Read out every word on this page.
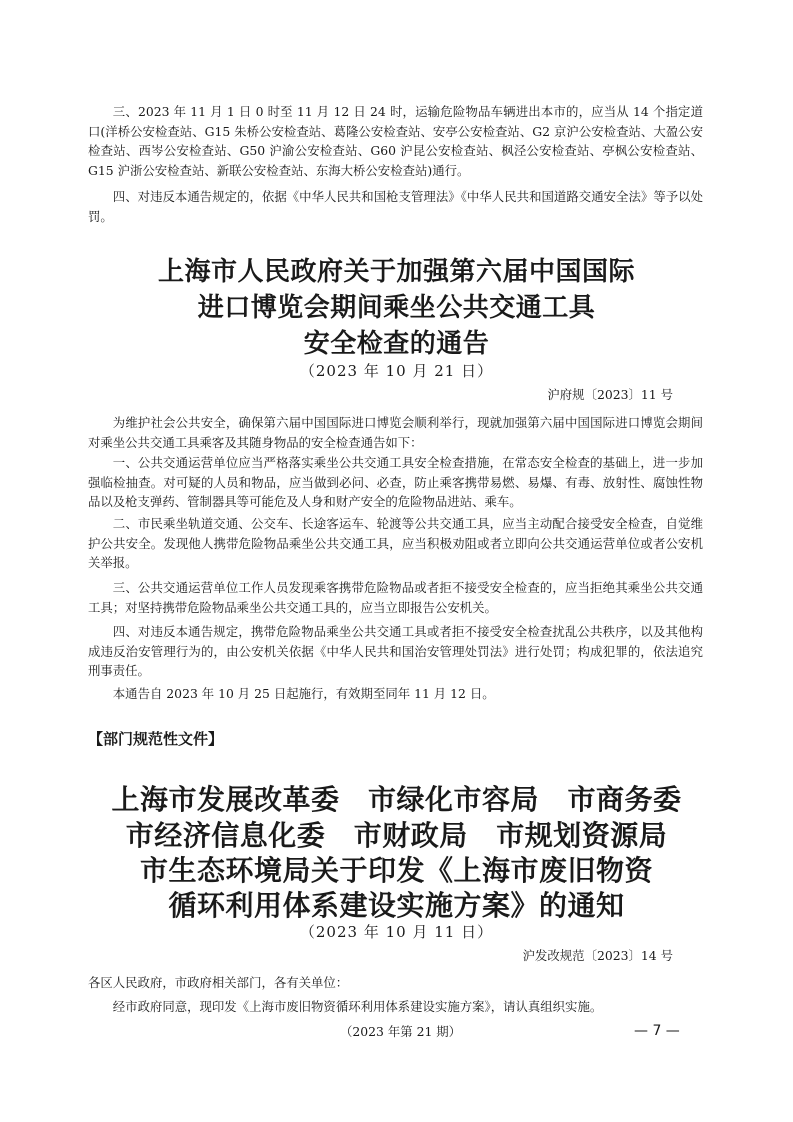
三、2023 年 11 月 1 日 0 时至 11 月 12 日 24 时，运输危险物品车辆进出本市的，应当从 14 个指定道口(洋桥公安检查站、G15 朱桥公安检查站、葛隆公安检查站、安亭公安检查站、G2 京沪公安检查站、大盈公安检查站、西岑公安检查站、G50 沪渝公安检查站、G60 沪昆公安检查站、枫泾公安检查站、亭枫公安检查站、G15 沪浙公安检查站、新联公安检查站、东海大桥公安检查站)通行。

四、对违反本通告规定的，依据《中华人民共和国枪支管理法》《中华人民共和国道路交通安全法》等予以处罚。

上海市人民政府关于加强第六届中国国际
进口博览会期间乘坐公共交通工具
安全检查的通告

（2023 年 10 月 21 日）

沪府规〔2023〕11 号

为维护社会公共安全，确保第六届中国国际进口博览会顺利举行，现就加强第六届中国国际进口博览会期间对乘坐公共交通工具乘客及其随身物品的安全检查通告如下：

一、公共交通运营单位应当严格落实乘坐公共交通工具安全检查措施，在常态安全检查的基础上，进一步加强临检抽查。对可疑的人员和物品，应当做到必问、必查，防止乘客携带易燃、易爆、有毒、放射性、腐蚀性物品以及枪支弹药、管制器具等可能危及人身和财产安全的危险物品进站、乘车。

二、市民乘坐轨道交通、公交车、长途客运车、轮渡等公共交通工具，应当主动配合接受安全检查，自觉维护公共安全。发现他人携带危险物品乘坐公共交通工具，应当积极劝阻或者立即向公共交通运营单位或者公安机关举报。

三、公共交通运营单位工作人员发现乘客携带危险物品或者拒不接受安全检查的，应当拒绝其乘坐公共交通工具；对坚持携带危险物品乘坐公共交通工具的，应当立即报告公安机关。

四、对违反本通告规定，携带危险物品乘坐公共交通工具或者拒不接受安全检查扰乱公共秩序，以及其他构成违反治安管理行为的，由公安机关依据《中华人民共和国治安管理处罚法》进行处罚；构成犯罪的，依法追究刑事责任。

本通告自 2023 年 10 月 25 日起施行，有效期至同年 11 月 12 日。

【部门规范性文件】

上海市发展改革委　市绿化市容局　市商务委
市经济信息化委　市财政局　市规划资源局
市生态环境局关于印发《上海市废旧物资
循环利用体系建设实施方案》的通知

（2023 年 10 月 11 日）

沪发改规范〔2023〕14 号

各区人民政府，市政府相关部门，各有关单位：

经市政府同意，现印发《上海市废旧物资循环利用体系建设实施方案》，请认真组织实施。

（2023 年第 21 期）	— 7 —
